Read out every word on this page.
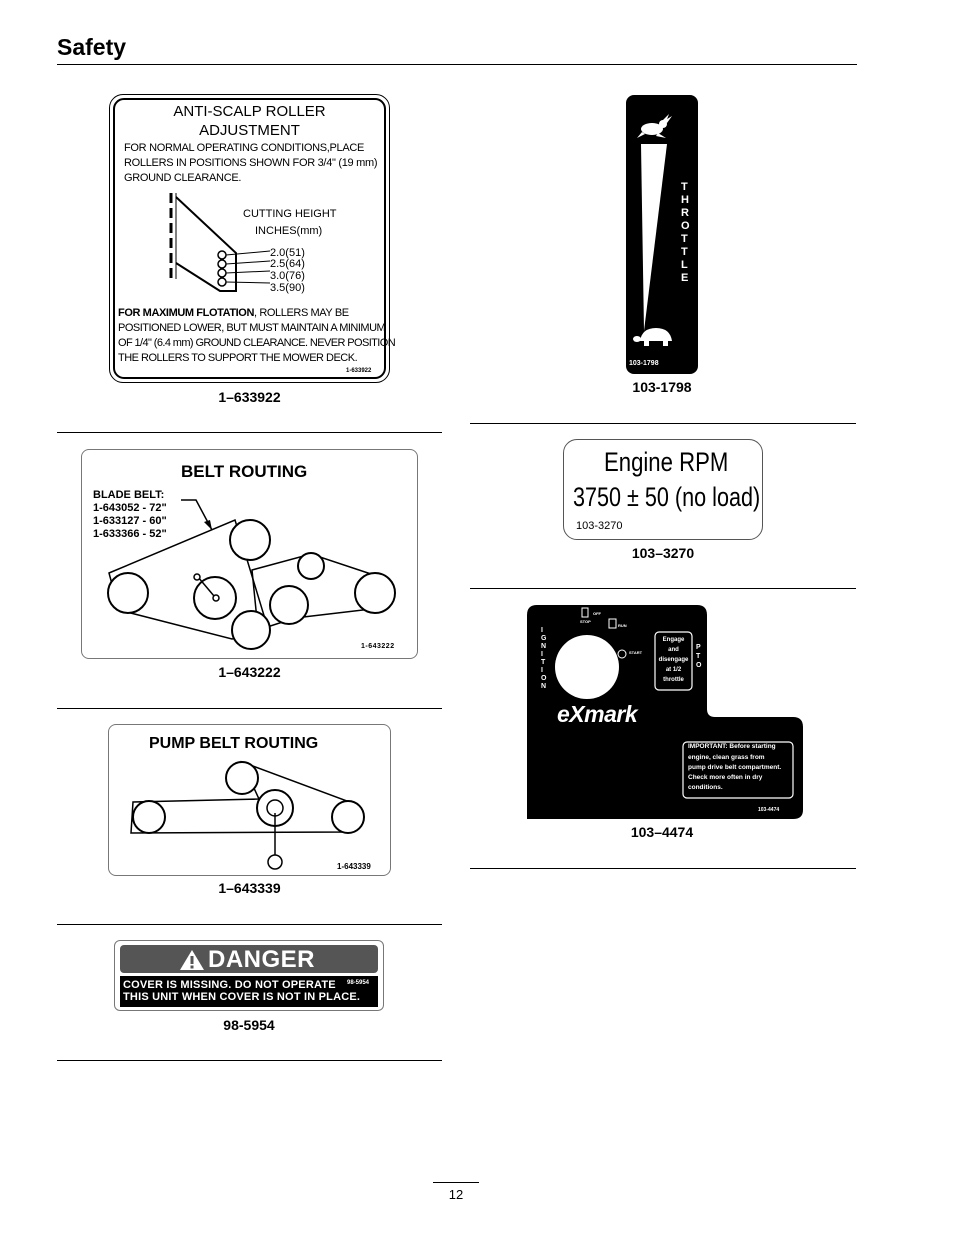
Safety
ANTI-SCALP ROLLER
ADJUSTMENT
FOR NORMAL OPERATING CONDITIONS,PLACE
ROLLERS IN POSITIONS SHOWN FOR 3/4" (19 mm)
GROUND CLEARANCE.
CUTTING HEIGHT
INCHES(mm)
2.0(51)
2.5(64)
3.0(76)
3.5(90)
FOR MAXIMUM FLOTATION, ROLLERS MAY BE
POSITIONED LOWER, BUT MUST MAINTAIN A MINIMUM
OF 1/4" (6.4 mm) GROUND CLEARANCE. NEVER POSITION
THE ROLLERS TO SUPPORT THE MOWER DECK.
1-633922
1–633922
BELT ROUTING
BLADE BELT:
1-643052 - 72"
1-633127 - 60"
1-633366 - 52"
1-643222
1–643222
PUMP BELT ROUTING
1-643339
1–643339
DANGER
COVER IS MISSING. DO NOT OPERATE 98-5954
THIS UNIT WHEN COVER IS NOT IN PLACE.
98-5954
T
H
R
O
T
T
L
E
103-1798
103-1798
Engine RPM
3750 ± 50 (no load)
103-3270
103–3270
I
G
N
I
T
I
O
N
P
T
O
OFF
STOP
RUN
START
Engage
and
disengage
at 1/2
throttle
eXmark
IMPORTANT: Before starting
engine, clean grass from
pump drive belt compartment.
Check more often in dry
conditions.
103-4474
103–4474
12
